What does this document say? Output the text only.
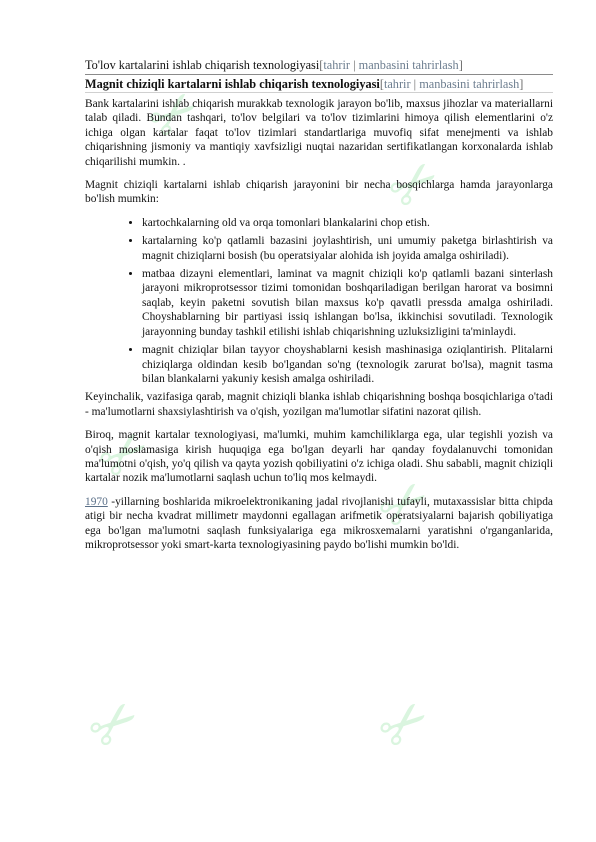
✂
✂
✂
✂
✂	✂
To'lov kartalarini ishlab chiqarish texnologiyasi[tahrir | manbasini tahrirlash]
Magnit chiziqli kartalarni ishlab chiqarish texnologiyasi[tahrir | manbasini tahrirlash]

Bank kartalarini ishlab chiqarish murakkab texnologik jarayon bo'lib, maxsus jihozlar va materiallarni talab qiladi. Bundan tashqari, to'lov belgilari va to'lov tizimlarini himoya qilish elementlarini o'z ichiga olgan kartalar faqat to'lov tizimlari standartlariga muvofiq sifat menejmenti va ishlab chiqarishning jismoniy va mantiqiy xavfsizligi nuqtai nazaridan sertifikatlangan korxonalarda ishlab chiqarilishi mumkin. .

Magnit chiziqli kartalarni ishlab chiqarish jarayonini bir necha bosqichlarga hamda jarayonlarga bo'lish mumkin:

• kartochkalarning old va orqa tomonlari blankalarini chop etish.
• kartalarning ko'p qatlamli bazasini joylashtirish, uni umumiy paketga birlashtirish va magnit chiziqlarni bosish (bu operatsiyalar alohida ish joyida amalga oshiriladi).
• matbaa dizayni elementlari, laminat va magnit chiziqli ko'p qatlamli bazani sinterlash jarayoni mikroprotsessor tizimi tomonidan boshqariladigan berilgan harorat va bosimni saqlab, keyin paketni sovutish bilan maxsus ko'p qavatli pressda amalga oshiriladi. Choyshablarning bir partiyasi issiq ishlangan bo'lsa, ikkinchisi sovutiladi. Texnologik jarayonning bunday tashkil etilishi ishlab chiqarishning uzluksizligini ta'minlaydi.
• magnit chiziqlar bilan tayyor choyshablarni kesish mashinasiga oziqlantirish. Plitalarni chiziqlarga oldindan kesib bo'lgandan so'ng (texnologik zarurat bo'lsa), magnit tasma bilan blankalarni yakuniy kesish amalga oshiriladi.

Keyinchalik, vazifasiga qarab, magnit chiziqli blanka ishlab chiqarishning boshqa bosqichlariga o'tadi - ma'lumotlarni shaxsiylashtirish va o'qish, yozilgan ma'lumotlar sifatini nazorat qilish.

Biroq, magnit kartalar texnologiyasi, ma'lumki, muhim kamchiliklarga ega, ular tegishli yozish va o'qish moslamasiga kirish huquqiga ega bo'lgan deyarli har qanday foydalanuvchi tomonidan ma'lumotni o'qish, yo'q qilish va qayta yozish qobiliyatini o'z ichiga oladi. Shu sababli, magnit chiziqli kartalar nozik ma'lumotlarni saqlash uchun to'liq mos kelmaydi.

1970 -yillarning boshlarida mikroelektronikaning jadal rivojlanishi tufayli, mutaxassislar bitta chipda atigi bir necha kvadrat millimetr maydonni egallagan arifmetik operatsiyalarni bajarish qobiliyatiga ega bo'lgan ma'lumotni saqlash funksiyalariga ega mikrosxemalarni yaratishni o'rganganlarida, mikroprotsessor yoki smart-karta texnologiyasining paydo bo'lishi mumkin bo'ldi.
